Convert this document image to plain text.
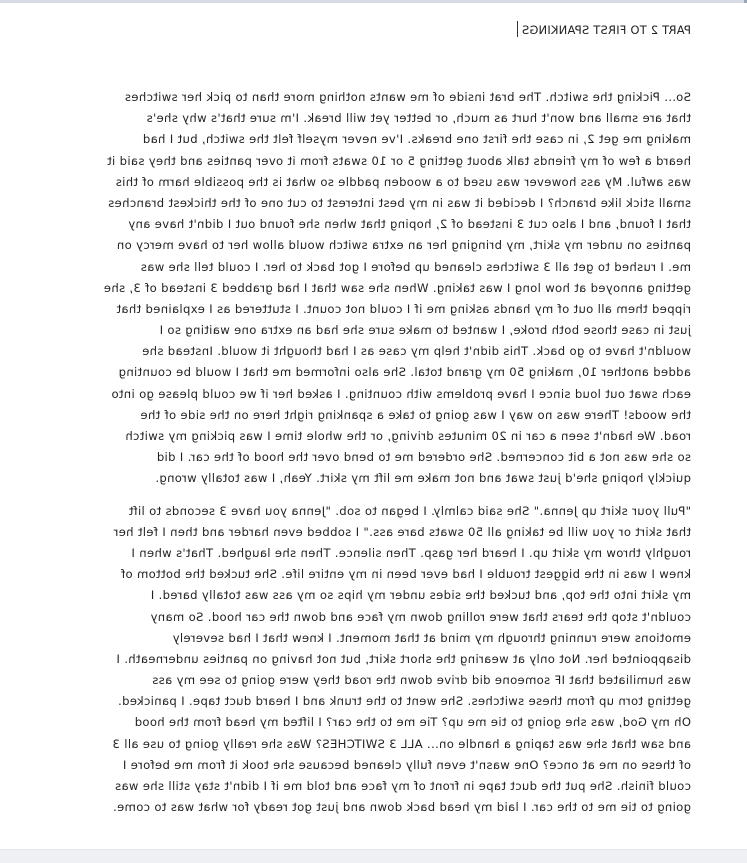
PART 2 TO FIRST SPANKINGS

So... Picking the switch. The brat inside of me wants nothing more than to pick her switches
that are small and won't hurt as much, or better yet will break. I'm sure that's why she's
making me get 2, in case the first one breaks. I've never myself felt the switch, but I had
heard a few of my friends talk about getting 5 or 10 swats from it over panties and they said it
was awful. My ass however was used to a wooden paddle so what is the possible harm of this
small stick like branch? I decided it was in my best interest to cut one of the thickest branches
that I found, and I also cut 3 instead of 2, hoping that when she found out I didn't have any
panties on under my skirt, my bringing her an extra switch would allow her to have mercy on
me. I rushed to get all 3 switches cleaned up before I got back to her. I could tell she was
getting annoyed at how long I was taking. When she saw that I had grabbed 3 instead of 3, she
ripped them all out of my hands asking me if I could not count. I stuttered as I explained that
just in case those both broke, I wanted to make sure she had an extra one waiting so I
wouldn't have to go back. This didn't help my case as I had thought it would. Instead she
added another 10, making 50 my grand total. She also informed me that I would be counting
each swat out loud since I have problems with counting. I asked her if we could please go into
the woods! There was no way I was going to take a spanking right here on the side of the
road. We hadn't seen a car in 20 minutes driving, or the whole time I was picking my switch
so she was not a bit concerned. She ordered me to bend over the hood of the car. I did
quickly hoping she'd just swat and not make me lift my skirt. Yeah, I was totally wrong.

"Pull your skirt up Jenna." She said calmly. I began to sob. "Jenna you have 3 seconds to lift
that skirt or you will be taking all 50 swats bare ass." I sobbed even harder and then I felt her
roughly throw my skirt up. I heard her gasp. Then silence. Then she laughed. That's when I
knew I was in the biggest trouble I had ever been in my entire life. She tucked the bottom of
my skirt into the top, and tucked the sides under my hips so my ass was totally bared. I
couldn't stop the tears that were rolling down my face and down the car hood. So many
emotions were running through my mind at that moment. I knew that I had severely
disappointed her. Not only at wearing the short skirt, but not having on panties underneath. I
was humiliated that IF someone did drive down the road they were going to see my ass
getting torn up from these switches. She went to the trunk and I heard duct tape. I panicked.
Oh my God, was she going to tie me up? Tie me to the car? I lifted my head from the hood
and saw that she was taping a handle on... ALL 3 SWITCHES? Was she really going to use all 3
of these on me at once? One wasn't even fully cleaned because she took it from me before I
could finish. She put the duct tape in front of my face and told me if I didn't stay still she was
going to tie me to the car. I laid my head back down and just got ready for what was to come.
